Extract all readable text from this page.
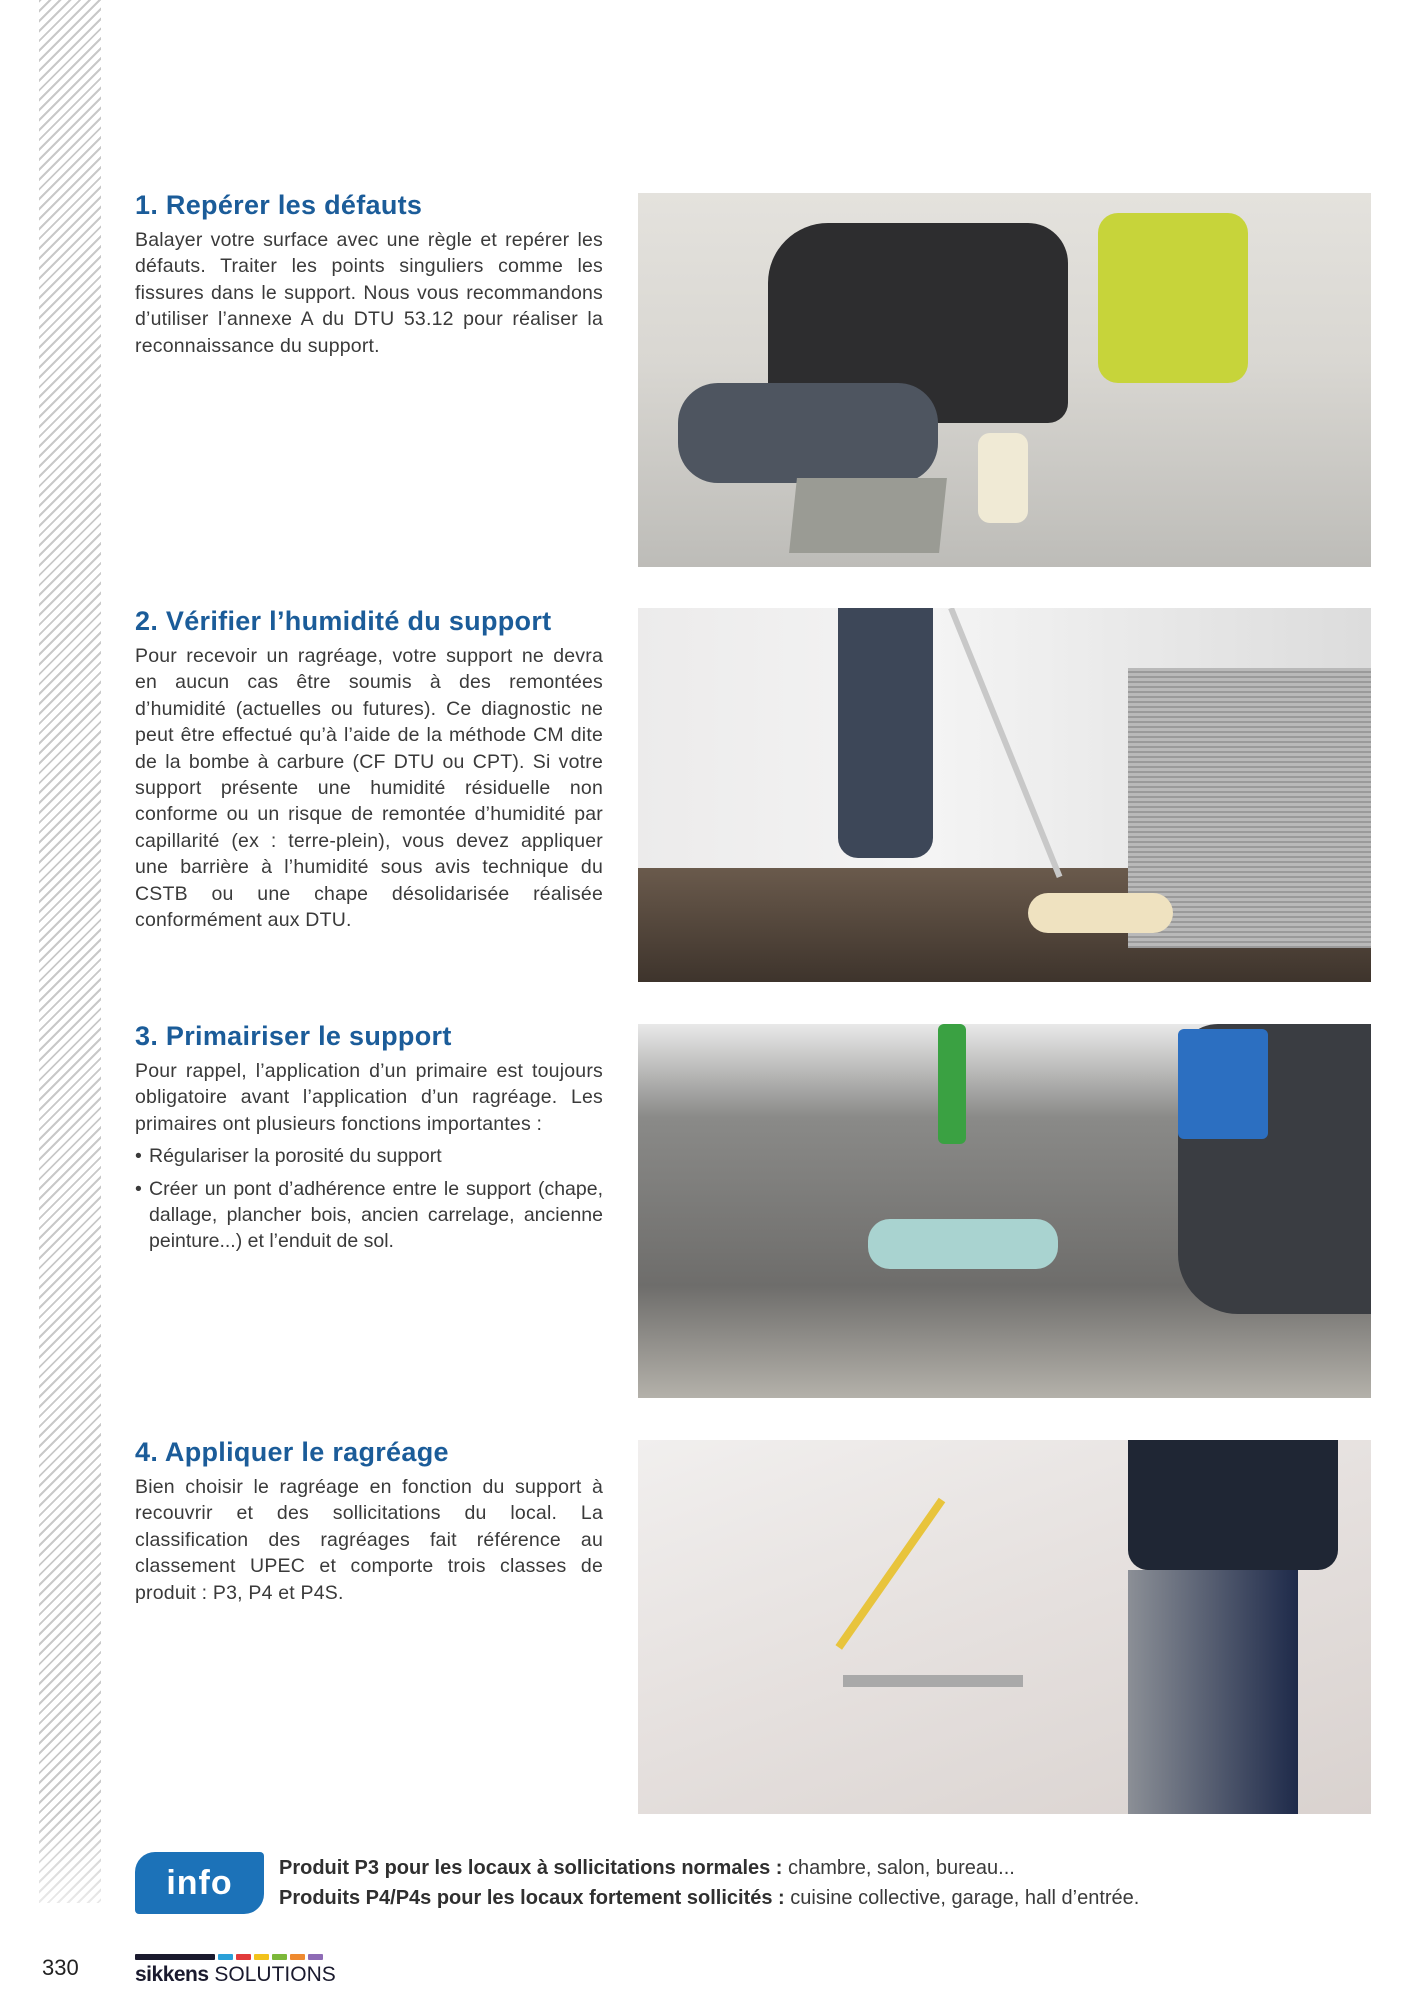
1. Repérer les défauts

Balayer votre surface avec une règle et repérer les défauts. Traiter les points singuliers comme les fissures dans le support. Nous vous recommandons d’utiliser l’annexe A du DTU 53.12 pour réaliser la reconnaissance du support.

2. Vérifier l’humidité du support

Pour recevoir un ragréage, votre support ne devra en aucun cas être soumis à des remontées d’humidité (actuelles ou futures). Ce diagnostic ne peut être effectué qu’à l’aide de la méthode CM dite de la bombe à carbure (CF DTU ou CPT). Si votre support présente une humidité résiduelle non conforme ou un risque de remontée d’humidité par capillarité (ex : terre-plein), vous devez appliquer une barrière à l’humidité sous avis technique du CSTB ou une chape désolidarisée réalisée conformément aux DTU.

3. Primairiser le support

Pour rappel, l’application d’un primaire est toujours obligatoire avant l’application d’un ragréage. Les primaires ont plusieurs fonctions importantes :

• Régulariser la porosité du support
• Créer un pont d’adhérence entre le support (chape, dallage, plancher bois, ancien carrelage, ancienne peinture...) et l’enduit de sol.
4. Appliquer le ragréage

Bien choisir le ragréage en fonction du support à recouvrir et des sollicitations du local. La classification des ragréages fait référence au classement UPEC et comporte trois classes de produit : P3, P4 et P4S.

info Produit P3 pour les locaux à sollicitations normales : chambre, salon, bureau...
Produits P4/P4s pour les locaux fortement sollicités : cuisine collective, garage, hall d’entrée.
330	sikkens SOLUTIONS
